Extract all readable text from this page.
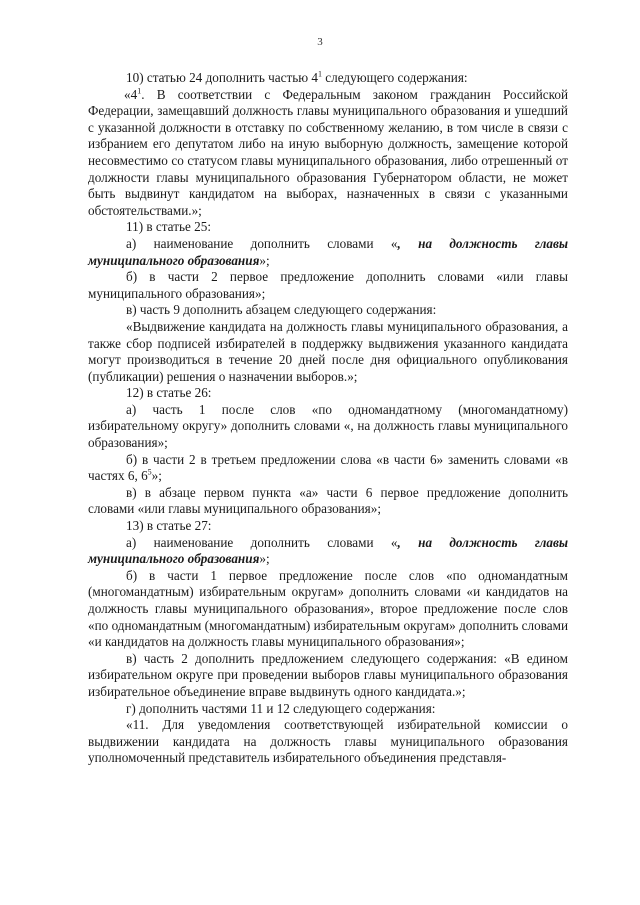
3

10) статью 24 дополнить частью $4^1$ следующего содержания:

«$4^1$. В соответствии с Федеральным законом гражданин Российской Федерации, замещавший должность главы муниципального образования и ушедший с указанной должности в отставку по собственному желанию, в том числе в связи с избранием его депутатом либо на иную выборную должность, замещение которой несовместимо со статусом главы муниципального образования, либо отрешенный от должности главы муниципального образования Губернатором области, не может быть выдвинут кандидатом на выборах, назначенных в связи с указанными обстоятельствами.»;

11) в статье 25:

а) наименование дополнить словами «, на должность главы муниципального образования»;

б) в части 2 первое предложение дополнить словами «или главы муниципального образования»;

в) часть 9 дополнить абзацем следующего содержания:

«Выдвижение кандидата на должность главы муниципального образования, а также сбор подписей избирателей в поддержку выдвижения указанного кандидата могут производиться в течение 20 дней после дня официального опубликования (публикации) решения о назначении выборов.»;

12) в статье 26:

а) часть 1 после слов «по одномандатному (многомандатному) избирательному округу» дополнить словами «, на должность главы муниципального образования»;

б) в части 2 в третьем предложении слова «в части 6» заменить словами «в частях 6, $6^5$»;

в) в абзаце первом пункта «а» части 6 первое предложение дополнить словами «или главы муниципального образования»;

13) в статье 27:

а) наименование дополнить словами «, на должность главы муниципального образования»;

б) в части 1 первое предложение после слов «по одномандатным (многомандатным) избирательным округам» дополнить словами «и кандидатов на должность главы муниципального образования», второе предложение после слов «по одномандатным (многомандатным) избирательным округам» дополнить словами «и кандидатов на должность главы муниципального образования»;

в) часть 2 дополнить предложением следующего содержания: «В едином избирательном округе при проведении выборов главы муниципального образования избирательное объединение вправе выдвинуть одного кандидата.»;

г) дополнить частями 11 и 12 следующего содержания:

«11. Для уведомления соответствующей избирательной комиссии о выдвижении кандидата на должность главы муниципального образования уполномоченный представитель избирательного объединения представля-
